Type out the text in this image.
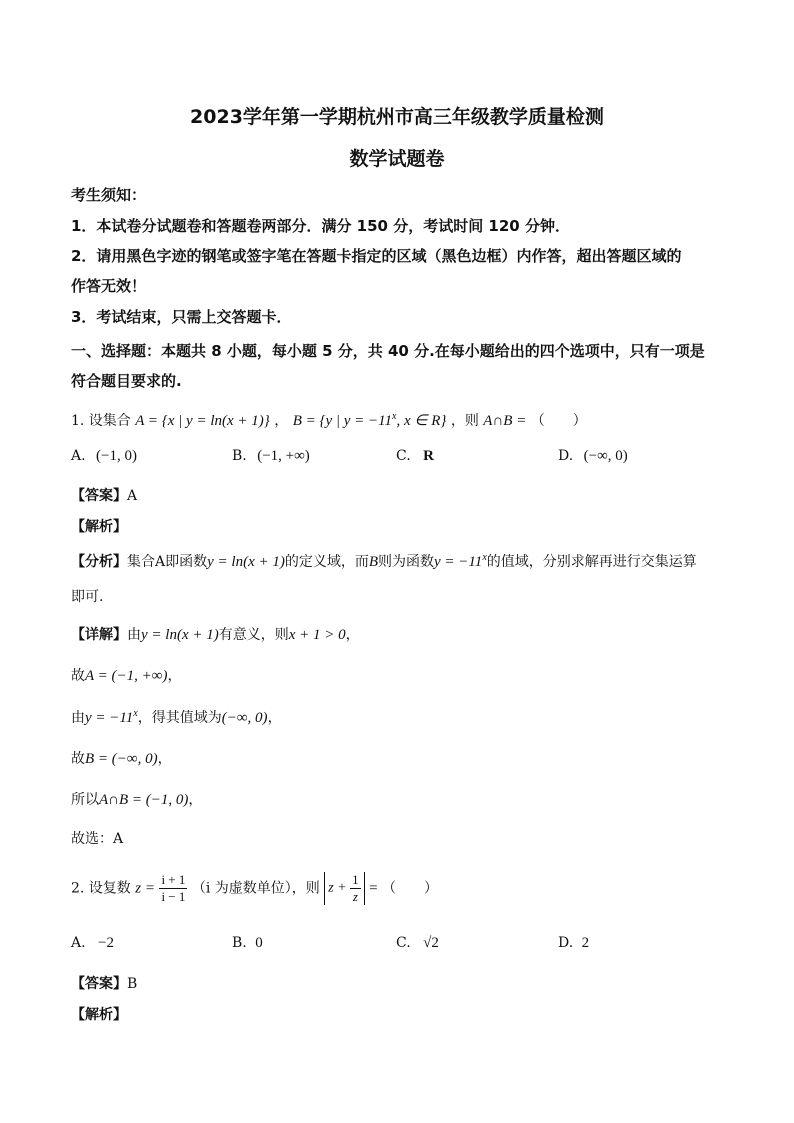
2023学年第一学期杭州市高三年级教学质量检测
数学试题卷
考生须知：
1．本试卷分试题卷和答题卷两部分．满分 150 分，考试时间 120 分钟．
2．请用黑色字迹的钢笔或签字笔在答题卡指定的区域（黑色边框）内作答，超出答题区域的
作答无效！
3．考试结束，只需上交答题卡．
一、选择题：本题共 8 小题，每小题 5 分，共 40 分.在每小题给出的四个选项中，只有一项是
符合题目要求的.
1. 设集合 A = {x | y = ln(x + 1)} ， B = {y | $y = -11^x$, x ∈ R} ，则 A∩B = （　　）
A. (−1, 0)	B. (−1, +∞)	C. R	D. (−∞, 0)
【答案】A
【解析】
【分析】集合A即函数y = ln(x + 1)的定义域，而B则为函数$y = -11^x$的值域，分别求解再进行交集运算
即可.
【详解】由y = ln(x + 1)有意义，则x + 1 > 0，
故A = (−1, +∞)，
由$y = -11^x$，得其值域为(−∞, 0)，
故B = (−∞, 0)，
所以A∩B = (−1, 0)，
故选：A
2. 设复数 $z = \frac{i + 1}{i - 1} (i$ 为虚数单位），则 $z + \frac{1}{z}$ = （　　）
A. −2	B. 0	C. √2	D. 2
【答案】B
【解析】
